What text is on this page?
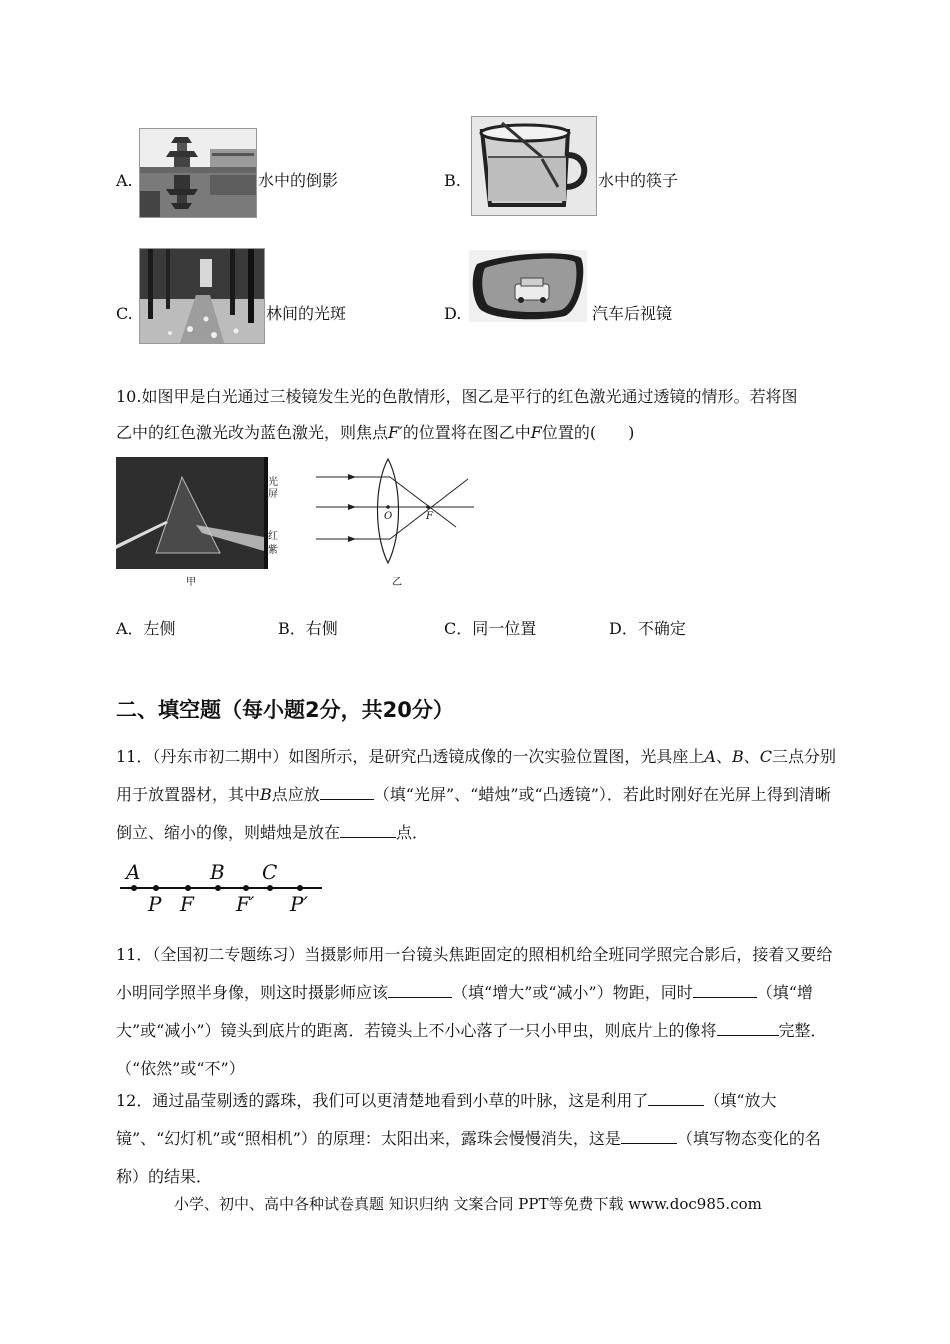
A.	水中的倒影	B.	水中的筷子
C.	林间的光斑	D.	汽车后视镜
10.如图甲是白光通过三棱镜发生光的色散情形，图乙是平行的红色激光通过透镜的情形。若将图
乙中的红色激光改为蓝色激光，则焦点F′的位置将在图乙中F位置的(　　)
光屏
红
紫
甲
O	F
乙
A．左侧	B．右侧	C．同一位置	D．不确定
二、填空题（每小题2分，共20分）
11．（丹东市初二期中）如图所示，是研究凸透镜成像的一次实验位置图，光具座上A、B、C三点分别用于放置器材，其中B点应放	（填“光屏”、“蜡烛”或“凸透镜”）．若此时刚好在光屏上得到清晰倒立、缩小的像，则蜡烛是放在	点．
A	B C
P F F′ P′
11．（全国初二专题练习）当摄影师用一台镜头焦距固定的照相机给全班同学照完合影后，接着又要给小明同学照半身像，则这时摄影师应该	（填“增大”或“减小”）物距，同时	（填“增大”或“减小”）镜头到底片的距离．若镜头上不小心落了一只小甲虫，则底片上的像将	完整．（“依然”或“不”）
12．通过晶莹剔透的露珠，我们可以更清楚地看到小草的叶脉，这是利用了	（填“放大镜”、“幻灯机”或“照相机”）的原理：太阳出来，露珠会慢慢消失，这是	（填写物态变化的名称）的结果．
小学、初中、高中各种试卷真题 知识归纳 文案合同 PPT等免费下载 www.doc985.com
